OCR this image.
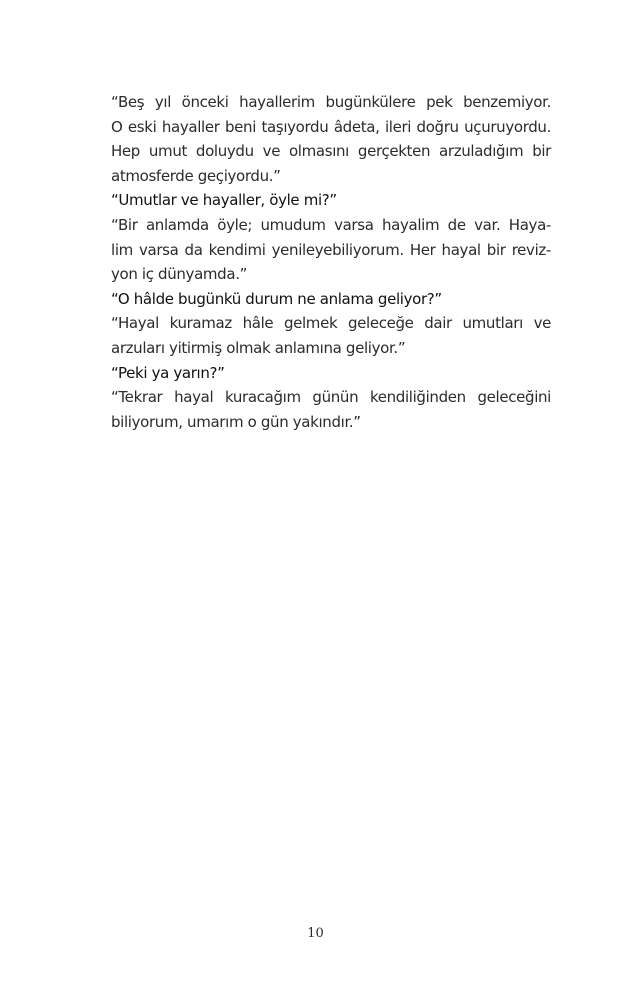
“Beş yıl önceki hayallerim bugünkülere pek benzemiyor.
O eski hayaller beni taşıyordu âdeta, ileri doğru uçuruyordu.
Hep umut doluydu ve olmasını gerçekten arzuladığım bir
atmosferde geçiyordu.”

“Umutlar ve hayaller, öyle mi?”

“Bir anlamda öyle; umudum varsa hayalim de var. Haya-
lim varsa da kendimi yenileyebiliyorum. Her hayal bir reviz-
yon iç dünyamda.”

“O hâlde bugünkü durum ne anlama geliyor?”

“Hayal kuramaz hâle gelmek geleceğe dair umutları ve
arzuları yitirmiş olmak anlamına geliyor.”

“Peki ya yarın?”

“Tekrar hayal kuracağım günün kendiliğinden geleceğini
biliyorum, umarım o gün yakındır.”

10
